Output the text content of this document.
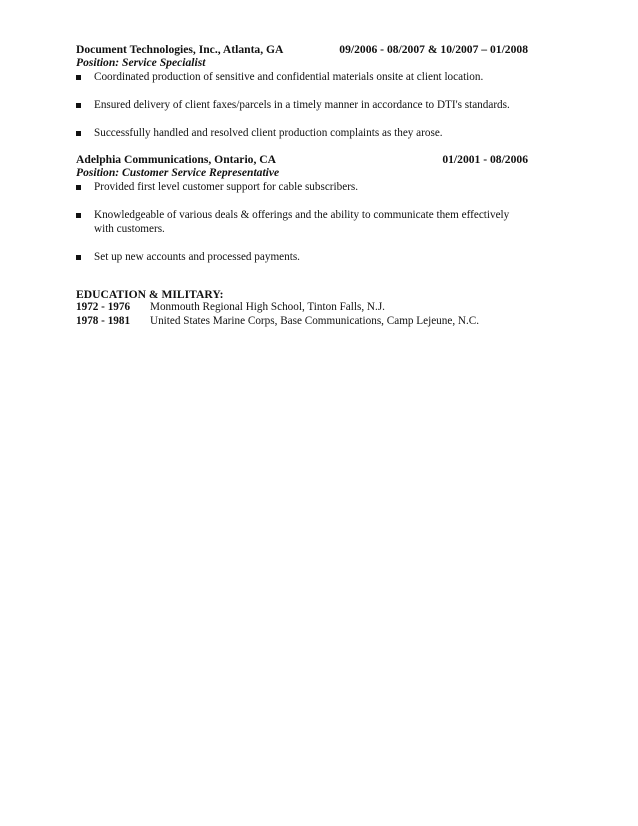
Document Technologies, Inc., Atlanta, GA	09/2006 - 08/2007 & 10/2007 – 01/2008
Position: Service Specialist
Coordinated production of sensitive and confidential materials onsite at client location.
Ensured delivery of client faxes/parcels in a timely manner in accordance to DTI's standards.
Successfully handled and resolved client production complaints as they arose.
Adelphia Communications, Ontario, CA	01/2001 - 08/2006
Position: Customer Service Representative
Provided first level customer support for cable subscribers.
Knowledgeable of various deals & offerings and the ability to communicate them effectively with customers.
Set up new accounts and processed payments.
EDUCATION & MILITARY:
1972 - 1976	Monmouth Regional High School, Tinton Falls, N.J.
1978 - 1981	United States Marine Corps, Base Communications, Camp Lejeune, N.C.
